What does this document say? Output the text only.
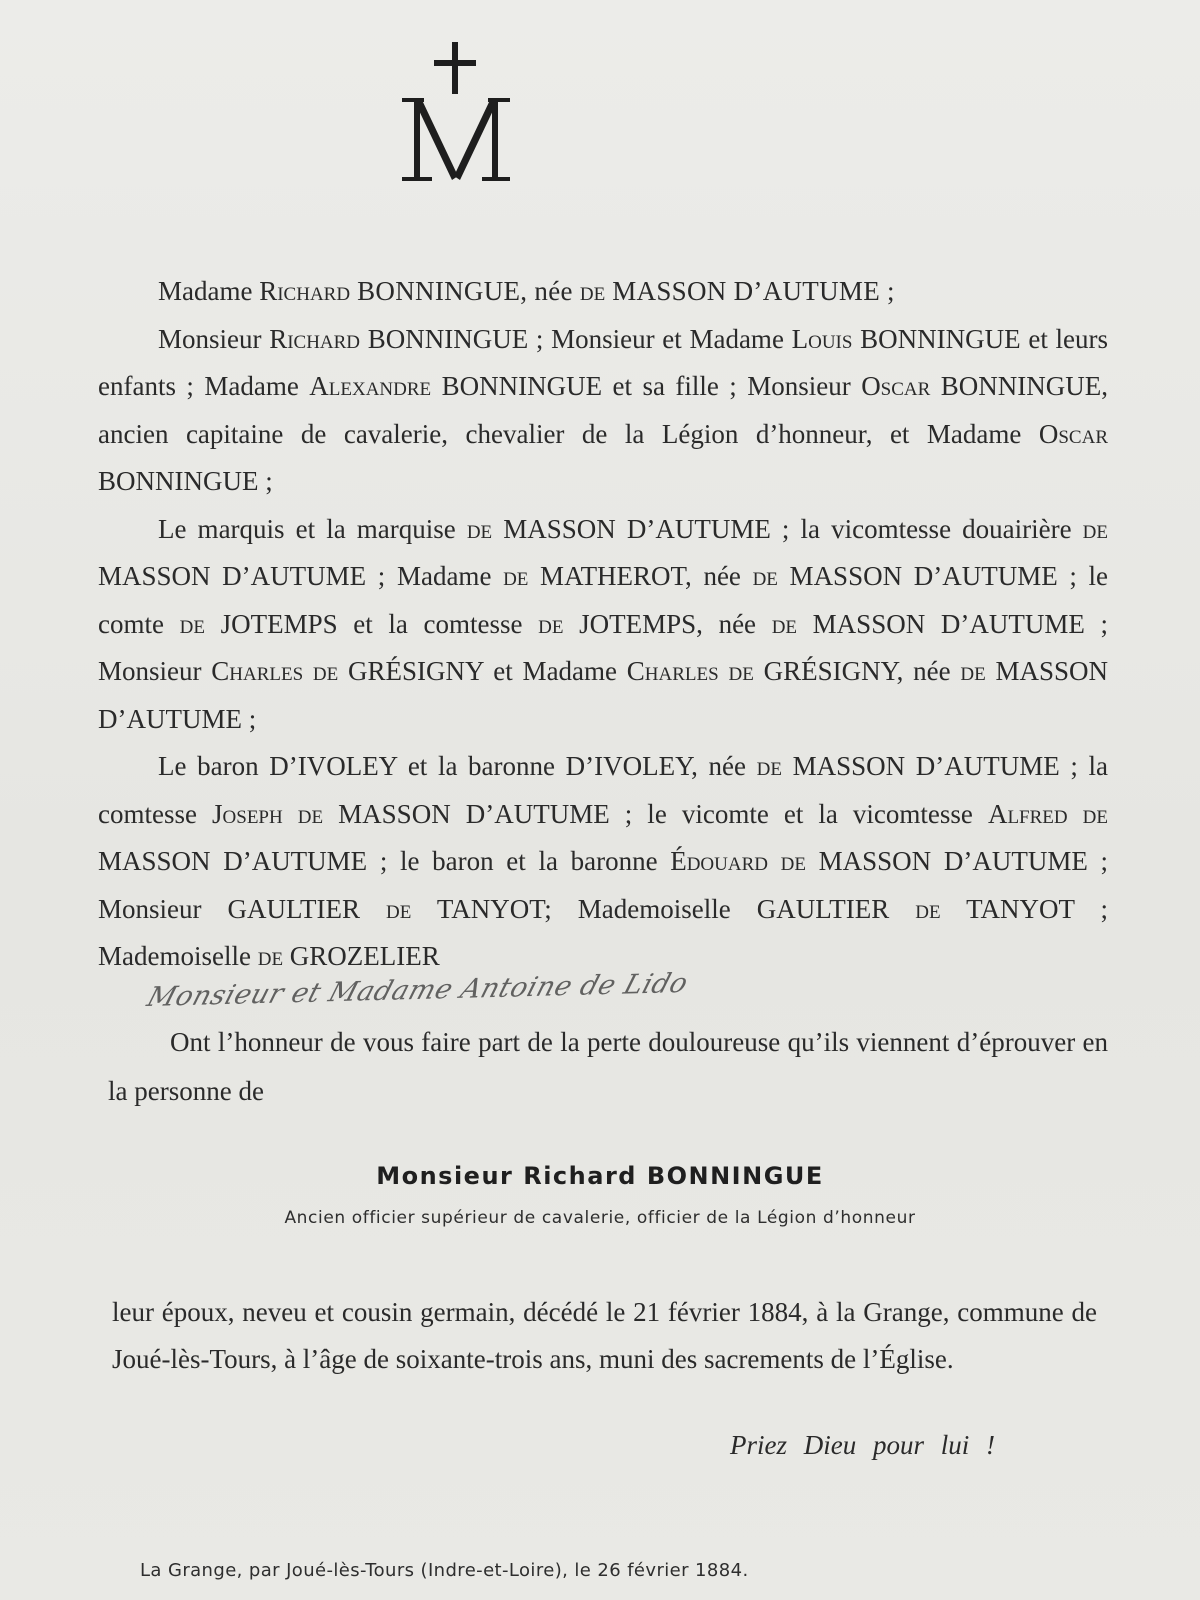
Madame Richard BONNINGUE, née de MASSON D’AUTUME ;

Monsieur Richard BONNINGUE ; Monsieur et Madame Louis BONNINGUE et leurs enfants ; Madame Alexandre BONNINGUE et sa fille ; Monsieur Oscar BONNINGUE, ancien capitaine de cavalerie, chevalier de la Légion d’honneur, et Madame Oscar BONNINGUE ;

Le marquis et la marquise de MASSON D’AUTUME ; la vicomtesse douairière de MASSON D’AUTUME ; Madame de MATHEROT, née de MASSON D’AUTUME ; le comte de JOTEMPS et la comtesse de JOTEMPS, née de MASSON D’AUTUME ; Monsieur Charles de GRÉSIGNY et Madame Charles de GRÉSIGNY, née de MASSON D’AUTUME ;

Le baron D’IVOLEY et la baronne D’IVOLEY, née de MASSON D’AUTUME ; la comtesse Joseph de MASSON D’AUTUME ; le vicomte et la vicomtesse Alfred de MASSON D’AUTUME ; le baron et la baronne Édouard de MASSON D’AUTUME ; Monsieur GAULTIER de TANYOT; Mademoiselle GAULTIER de TANYOT ; Mademoiselle de GROZELIER

Monsieur et Madame Antoine de Lido

Ont l’honneur de vous faire part de la perte douloureuse qu’ils viennent d’éprouver en la personne de

Monsieur Richard BONNINGUE
Ancien officier supérieur de cavalerie, officier de la Légion d’honneur

leur époux, neveu et cousin germain, décédé le 21 février 1884, à la Grange, commune de Joué-lès-Tours, à l’âge de soixante-trois ans, muni des sacrements de l’Église.

Priez Dieu pour lui !
La Grange, par Joué-lès-Tours (Indre-et-Loire), le 26 février 1884.
